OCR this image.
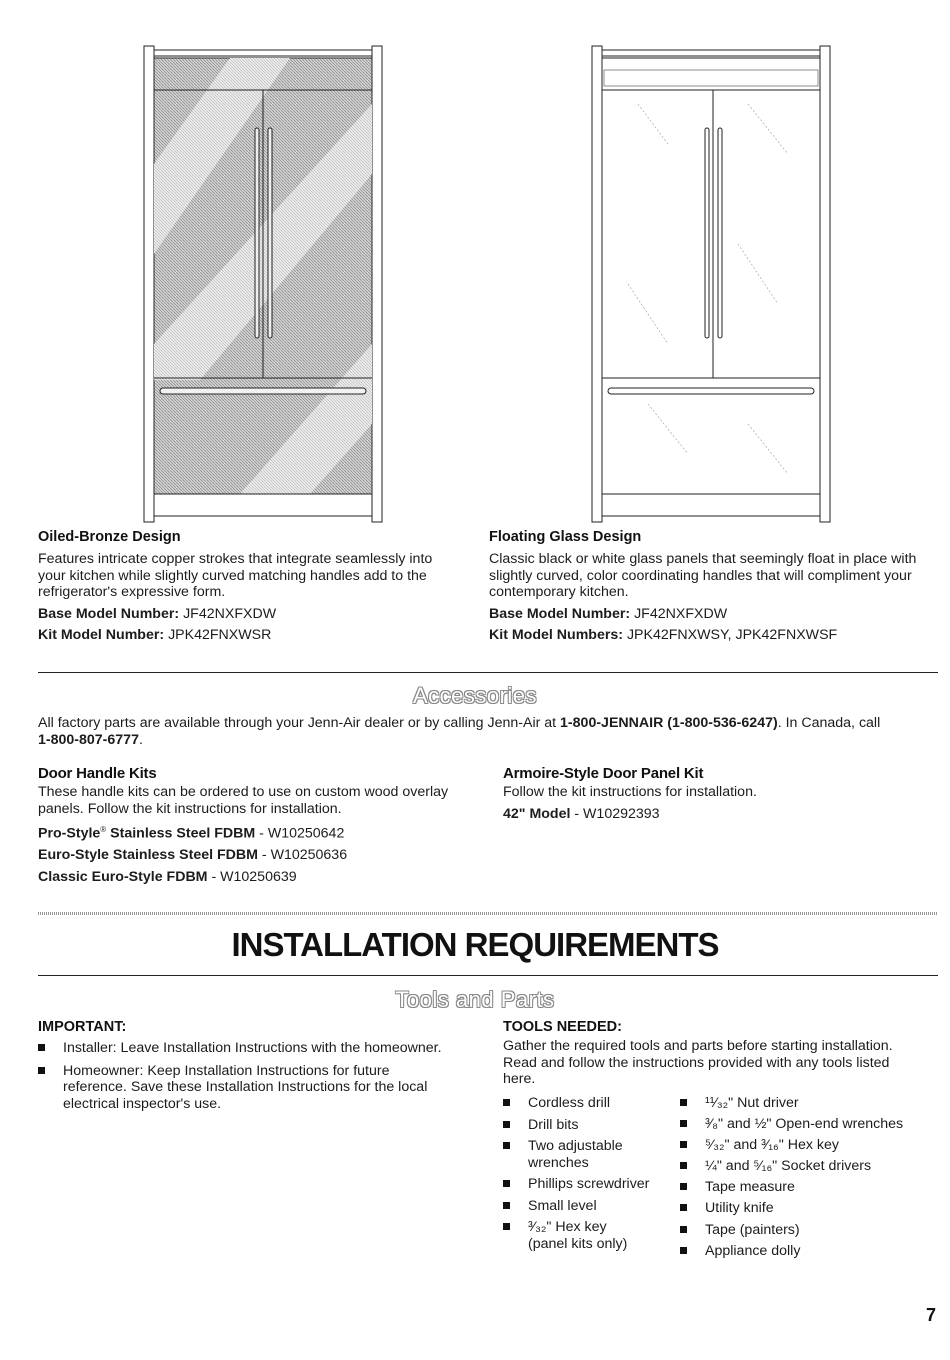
Oiled-Bronze Design

Features intricate copper strokes that integrate seamlessly into

your kitchen while slightly curved matching handles add to the

refrigerator's expressive form.

Base Model Number: JF42NXFXDW

Kit Model Number: JPK42FNXWSR

Floating Glass Design

Classic black or white glass panels that seemingly float in place with

slightly curved, color coordinating handles that will compliment your

contemporary kitchen.

Base Model Number: JF42NXFXDW

Kit Model Numbers: JPK42FNXWSY, JPK42FNXWSF

Accessories

All factory parts are available through your Jenn-Air dealer or by calling Jenn-Air at 1-800-JENNAIR (1-800-536-6247). In Canada, call

1-800-807-6777.

Door Handle Kits

These handle kits can be ordered to use on custom wood overlay

panels. Follow the kit instructions for installation.

Pro-Style® Stainless Steel FDBM - W10250642

Euro-Style Stainless Steel FDBM - W10250636

Classic Euro-Style FDBM - W10250639

Armoire-Style Door Panel Kit

Follow the kit instructions for installation.

42" Model - W10292393

INSTALLATION REQUIREMENTS
Tools and Parts
IMPORTANT:
Installer: Leave Installation Instructions with the homeowner.
Homeowner: Keep Installation Instructions for future
reference. Save these Installation Instructions for the local
electrical inspector's use.
TOOLS NEEDED:

Gather the required tools and parts before starting installation.

Read and follow the instructions provided with any tools listed

here.

Cordless drill
Drill bits
Two adjustable
wrenches
Phillips screwdriver
Small level
³⁄₃₂" Hex key
(panel kits only)
¹¹⁄₃₂" Nut driver
³⁄₈" and ½" Open-end wrenches
⁵⁄₃₂" and ³⁄₁₆" Hex key
¼" and ⁵⁄₁₆" Socket drivers
Tape measure
Utility knife
Tape (painters)
Appliance dolly
7
